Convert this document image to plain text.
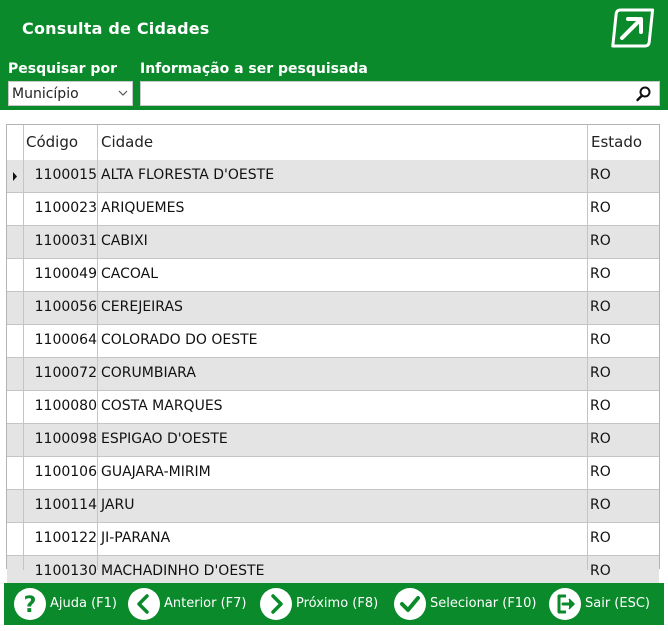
Consulta de Cidades
Pesquisar por Informação a ser pesquisada
Município
Código Cidade	Estado
1100015 ALTA FLORESTA D'OESTE	RO
1100023 ARIQUEMES	RO
1100031 CABIXI	RO
1100049 CACOAL	RO
1100056 CEREJEIRAS	RO
1100064 COLORADO DO OESTE	RO
1100072 CORUMBIARA	RO
1100080 COSTA MARQUES	RO
1100098 ESPIGAO D'OESTE	RO
1100106 GUAJARA-MIRIM	RO
1100114 JARU	RO
1100122 JI-PARANA	RO
1100130 MACHADINHO D'OESTE	RO
? Ajuda (F1)	Anterior (F7)	Próximo (F8)	Selecionar (F10)	Sair (ESC)
